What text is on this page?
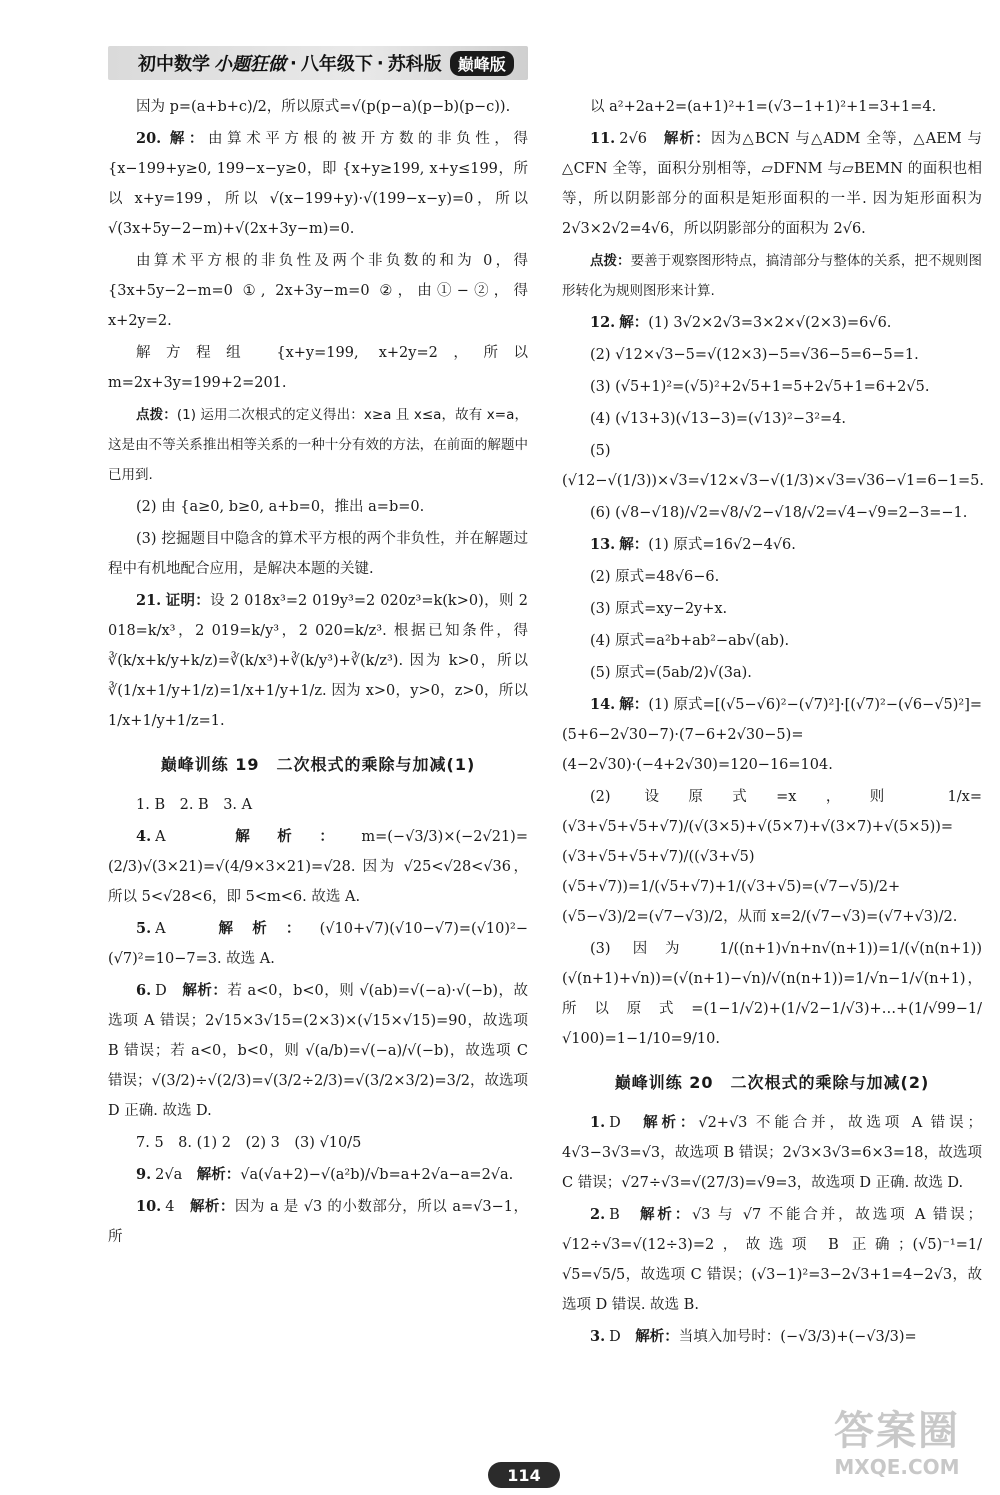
初中数学 小题狂做 · 八年级下 · 苏科版	巅峰版

因为 p=(a+b+c)/2，所以原式=√(p(p−a)(p−b)(p−c)).

20. 解：由算术平方根的被开方数的非负性，得 {x−199+y≥0, 199−x−y≥0，即 {x+y≥199, x+y≤199，所以 x+y=199，所以 √(x−199+y)·√(199−x−y)=0，所以 √(3x+5y−2−m)+√(2x+3y−m)=0.

由算术平方根的非负性及两个非负数的和为 0，得 {3x+5y−2−m=0 ①, 2x+3y−m=0 ②，由①−②，得 x+2y=2.

解方程组 {x+y=199, x+2y=2，所以 m=2x+3y=199+2=201.

点拨：(1) 运用二次根式的定义得出：x≥a 且 x≤a，故有 x=a，这是由不等关系推出相等关系的一种十分有效的方法，在前面的解题中已用到.

(2) 由 {a≥0, b≥0, a+b=0，推出 a=b=0.

(3) 挖掘题目中隐含的算术平方根的两个非负性，并在解题过程中有机地配合应用，是解决本题的关键.

21. 证明：设 2 018x³=2 019y³=2 020z³=k(k>0)，则 2 018=k/x³，2 019=k/y³，2 020=k/z³. 根据已知条件，得 ∛(k/x+k/y+k/z)=∛(k/x³)+∛(k/y³)+∛(k/z³). 因为 k>0，所以 ∛(1/x+1/y+1/z)=1/x+1/y+1/z. 因为 x>0，y>0，z>0，所以 1/x+1/y+1/z=1.

巅峰训练 19　二次根式的乘除与加减(1)

1. B　2. B　3. A

4. A　解析：m=(−√3/3)×(−2√21)=(2/3)√(3×21)=√(4/9×3×21)=√28. 因为 √25<√28<√36，所以 5<√28<6，即 5<m<6. 故选 A.

5. A　解析：(√10+√7)(√10−√7)=(√10)²−(√7)²=10−7=3. 故选 A.

6. D　解析：若 a<0，b<0，则 √(ab)=√(−a)·√(−b)，故选项 A 错误；2√15×3√15=(2×3)×(√15×√15)=90，故选项 B 错误；若 a<0，b<0，则 √(a/b)=√(−a)/√(−b)，故选项 C 错误；√(3/2)÷√(2/3)=√(3/2÷2/3)=√(3/2×3/2)=3/2，故选项 D 正确. 故选 D.

7. 5　8. (1) 2　(2) 3　(3) √10/5

9. 2√a　解析：√a(√a+2)−√(a²b)/√b=a+2√a−a=2√a.

10. 4　解析：因为 a 是 √3 的小数部分，所以 a=√3−1，所

以 a²+2a+2=(a+1)²+1=(√3−1+1)²+1=3+1=4.

11. 2√6　解析：因为△BCN 与△ADM 全等，△AEM 与△CFN 全等，面积分别相等，▱DFNM 与▱BEMN 的面积也相等，所以阴影部分的面积是矩形面积的一半. 因为矩形面积为 2√3×2√2=4√6，所以阴影部分的面积为 2√6.

点拨：要善于观察图形特点，搞清部分与整体的关系，把不规则图形转化为规则图形来计算.

12. 解：(1) 3√2×2√3=3×2×√(2×3)=6√6.

(2) √12×√3−5=√(12×3)−5=√36−5=6−5=1.

(3) (√5+1)²=(√5)²+2√5+1=5+2√5+1=6+2√5.

(4) (√13+3)(√13−3)=(√13)²−3²=4.

(5) (√12−√(1/3))×√3=√12×√3−√(1/3)×√3=√36−√1=6−1=5.

(6) (√8−√18)/√2=√8/√2−√18/√2=√4−√9=2−3=−1.

13. 解：(1) 原式=16√2−4√6.

(2) 原式=48√6−6.

(3) 原式=xy−2y+x.

(4) 原式=a²b+ab²−ab√(ab).

(5) 原式=(5ab/2)√(3a).

14. 解：(1) 原式=[(√5−√6)²−(√7)²]·[(√7)²−(√6−√5)²]=(5+6−2√30−7)·(7−6+2√30−5)=(4−2√30)·(−4+2√30)=120−16=104.

(2) 设原式=x，则 1/x=(√3+√5+√5+√7)/(√(3×5)+√(5×7)+√(3×7)+√(5×5))=(√3+√5+√5+√7)/((√3+√5)(√5+√7))=1/(√5+√7)+1/(√3+√5)=(√7−√5)/2+(√5−√3)/2=(√7−√3)/2，从而 x=2/(√7−√3)=(√7+√3)/2.

(3) 因为 1/((n+1)√n+n√(n+1))=1/(√(n(n+1))(√(n+1)+√n))=(√(n+1)−√n)/√(n(n+1))=1/√n−1/√(n+1)，所以原式=(1−1/√2)+(1/√2−1/√3)+…+(1/√99−1/√100)=1−1/10=9/10.

巅峰训练 20　二次根式的乘除与加减(2)

1. D　解析：√2+√3 不能合并，故选项 A 错误；4√3−3√3=√3，故选项 B 错误；2√3×3√3=6×3=18，故选项 C 错误；√27÷√3=√(27/3)=√9=3，故选项 D 正确. 故选 D.

2. B　解析：√3 与 √7 不能合并，故选项 A 错误；√12÷√3=√(12÷3)=2，故选项 B 正确；(√5)⁻¹=1/√5=√5/5，故选项 C 错误；(√3−1)²=3−2√3+1=4−2√3，故选项 D 错误. 故选 B.

3. D　解析：当填入加号时：(−√3/3)+(−√3/3)=

114
答案圈
MXQE.COM
